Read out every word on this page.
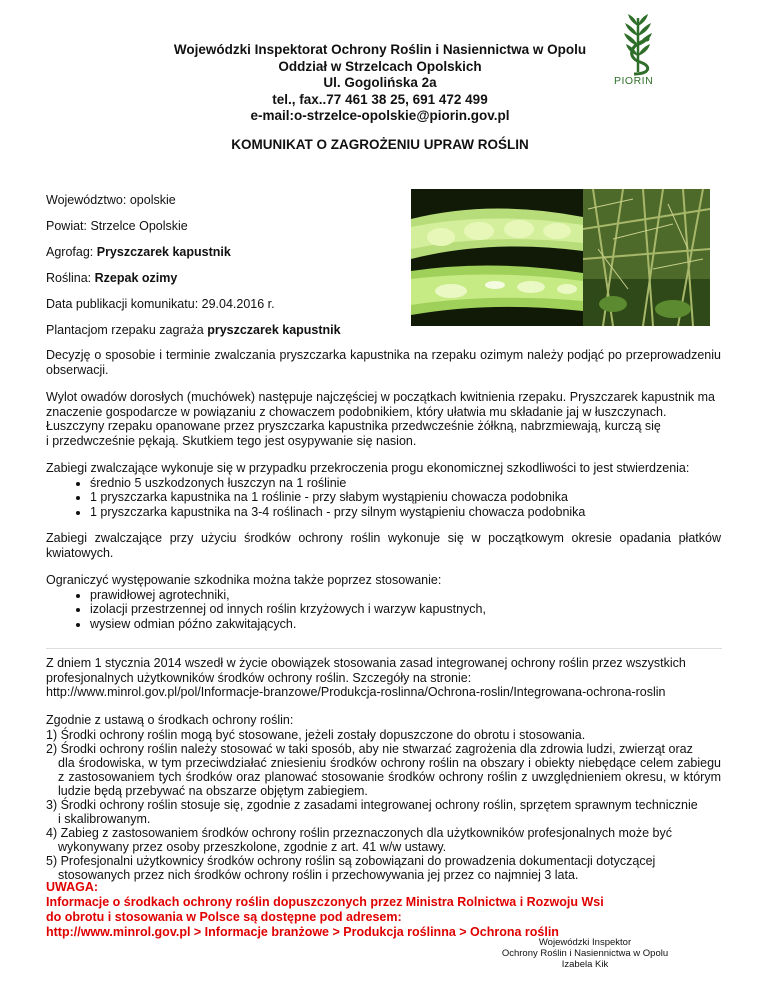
Wojewódzki Inspektorat Ochrony Roślin i Nasiennictwa w Opolu
Oddział w Strzelcach Opolskich
Ul. Gogolińska 2a
tel., fax..77 461 38 25, 691 472 499
e-mail:o-strzelce-opolskie@piorin.gov.pl
PIORIN
KOMUNIKAT O ZAGROŻENIU UPRAW ROŚLIN
Województwo: opolskie
Powiat: Strzelce Opolskie
Agrofag: Pryszczarek kapustnik
Roślina: Rzepak ozimy
Data publikacji komunikatu: 29.04.2016 r.
Plantacjom rzepaku zagraża pryszczarek kapustnik
Decyzję o sposobie i terminie zwalczania pryszczarka kapustnika na rzepaku ozimym należy podjąć po przeprowadzeniu obserwacji.
Wylot owadów dorosłych (muchówek) następuje najczęściej w początkach kwitnienia rzepaku. Pryszczarek kapustnik ma znaczenie gospodarcze w powiązaniu z chowaczem podobnikiem, który ułatwia mu składanie jaj w łuszczynach.
Łuszczyny rzepaku opanowane przez pryszczarka kapustnika przedwcześnie żółkną, nabrzmiewają, kurczą się
i przedwcześnie pękają. Skutkiem tego jest osypywanie się nasion.
Zabiegi zwalczające wykonuje się w przypadku przekroczenia progu ekonomicznej szkodliwości to jest stwierdzenia:
• średnio 5 uszkodzonych łuszczyn na 1 roślinie
• 1 pryszczarka kapustnika na 1 roślinie - przy słabym wystąpieniu chowacza podobnika
• 1 pryszczarka kapustnika na 3-4 roślinach - przy silnym wystąpieniu chowacza podobnika
Zabiegi zwalczające przy użyciu środków ochrony roślin wykonuje się w początkowym okresie opadania płatków kwiatowych.
Ograniczyć występowanie szkodnika można także poprzez stosowanie:
• prawidłowej agrotechniki,
• izolacji przestrzennej od innych roślin krzyżowych i warzyw kapustnych,
• wysiew odmian późno zakwitających.
Z dniem 1 stycznia 2014 wszedł w życie obowiązek stosowania zasad integrowanej ochrony roślin przez wszystkich profesjonalnych użytkowników środków ochrony roślin. Szczegóły na stronie:
http://www.minrol.gov.pl/pol/Informacje-branzowe/Produkcja-roslinna/Ochrona-roslin/Integrowana-ochrona-roslin
Zgodnie z ustawą o środkach ochrony roślin:
1) Środki ochrony roślin mogą być stosowane, jeżeli zostały dopuszczone do obrotu i stosowania.
2) Środki ochrony roślin należy stosować w taki sposób, aby nie stwarzać zagrożenia dla zdrowia ludzi, zwierząt oraz
dla środowiska, w tym przeciwdziałać zniesieniu środków ochrony roślin na obszary i obiekty niebędące celem zabiegu z zastosowaniem tych środków oraz planować stosowanie środków ochrony roślin z uwzględnieniem okresu, w którym ludzie będą przebywać na obszarze objętym zabiegiem.
3) Środki ochrony roślin stosuje się, zgodnie z zasadami integrowanej ochrony roślin, sprzętem sprawnym technicznie
i skalibrowanym.
4) Zabieg z zastosowaniem środków ochrony roślin przeznaczonych dla użytkowników profesjonalnych może być
wykonywany przez osoby przeszkolone, zgodnie z art. 41 w/w ustawy.
5) Profesjonalni użytkownicy środków ochrony roślin są zobowiązani do prowadzenia dokumentacji dotyczącej
stosowanych przez nich środków ochrony roślin i przechowywania jej przez co najmniej 3 lata.
UWAGA:
Informacje o środkach ochrony roślin dopuszczonych przez Ministra Rolnictwa i Rozwoju Wsi
do obrotu i stosowania w Polsce są dostępne pod adresem:
http://www.minrol.gov.pl > Informacje branżowe > Produkcja roślinna > Ochrona roślin
Wojewódzki Inspektor
Ochrony Roślin i Nasiennictwa w Opolu
Izabela Kik
